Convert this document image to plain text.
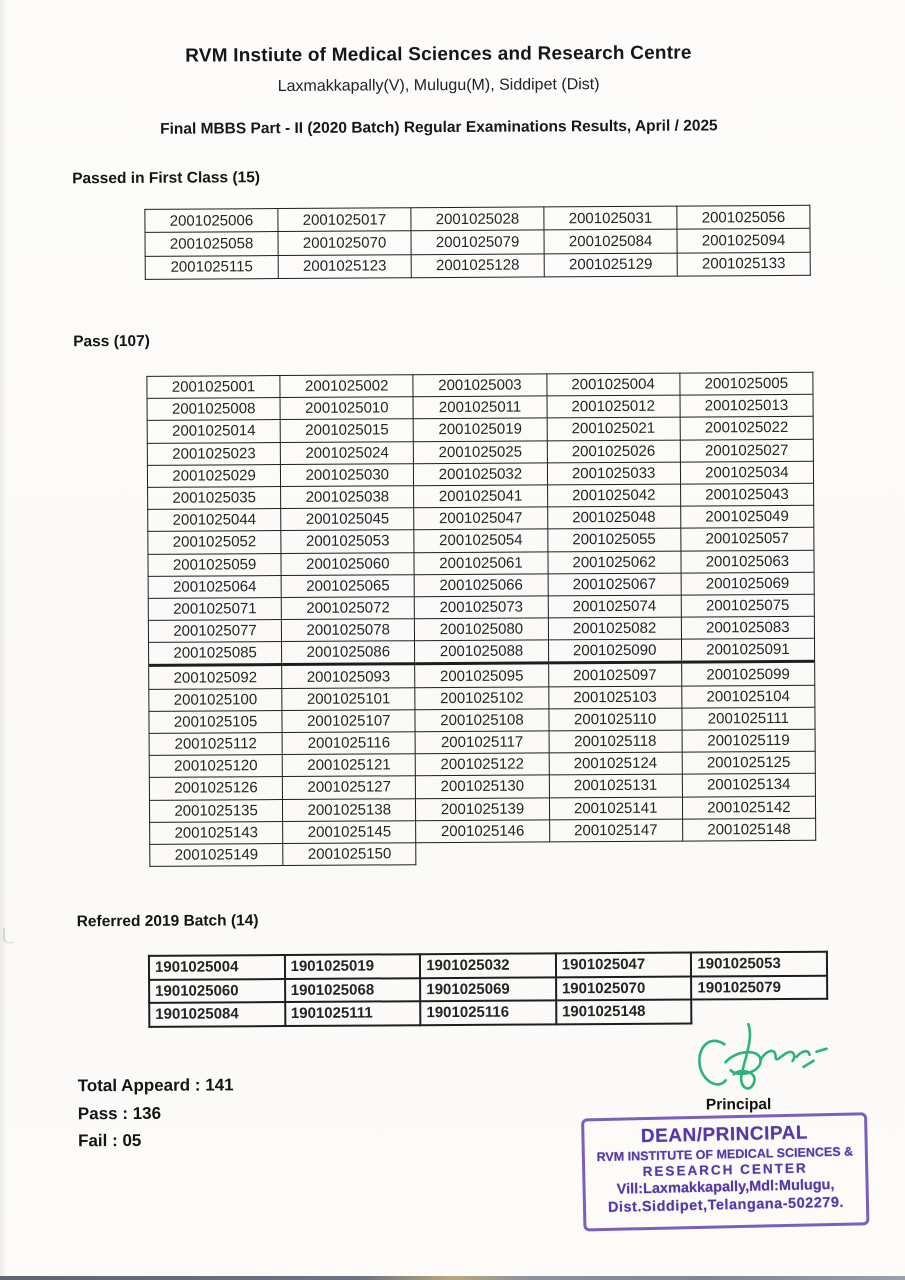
RVM Instiute of Medical Sciences and Research Centre
Laxmakkapally(V), Mulugu(M), Siddipet (Dist)
Final MBBS Part - II (2020 Batch) Regular Examinations Results, April / 2025
Passed in First Class (15)
2001025006	2001025017	2001025028	2001025031	2001025056
2001025058	2001025070	2001025079	2001025084	2001025094
2001025115	2001025123	2001025128	2001025129	2001025133
Pass (107)
2001025001	2001025002	2001025003	2001025004	2001025005
2001025008	2001025010	2001025011	2001025012	2001025013
2001025014	2001025015	2001025019	2001025021	2001025022
2001025023	2001025024	2001025025	2001025026	2001025027
2001025029	2001025030	2001025032	2001025033	2001025034
2001025035	2001025038	2001025041	2001025042	2001025043
2001025044	2001025045	2001025047	2001025048	2001025049
2001025052	2001025053	2001025054	2001025055	2001025057
2001025059	2001025060	2001025061	2001025062	2001025063
2001025064	2001025065	2001025066	2001025067	2001025069
2001025071	2001025072	2001025073	2001025074	2001025075
2001025077	2001025078	2001025080	2001025082	2001025083
2001025085	2001025086	2001025088	2001025090	2001025091
2001025092	2001025093	2001025095	2001025097	2001025099
2001025100	2001025101	2001025102	2001025103	2001025104
2001025105	2001025107	2001025108	2001025110	2001025111
2001025112	2001025116	2001025117	2001025118	2001025119
2001025120	2001025121	2001025122	2001025124	2001025125
2001025126	2001025127	2001025130	2001025131	2001025134
2001025135	2001025138	2001025139	2001025141	2001025142
2001025143	2001025145	2001025146	2001025147	2001025148
2001025149	2001025150			
Referred 2019 Batch (14)
1901025004	1901025019	1901025032	1901025047	1901025053
1901025060	1901025068	1901025069	1901025070	1901025079
1901025084	1901025111	1901025116	1901025148	
Total Appeard : 141
Pass : 136
Fail : 05
Principal
DEAN/PRINCIPAL
RVM INSTITUTE OF MEDICAL SCIENCES &
RESEARCH CENTER
Vill:Laxmakkapally,Mdl:Mulugu,
Dist.Siddipet,Telangana-502279.
